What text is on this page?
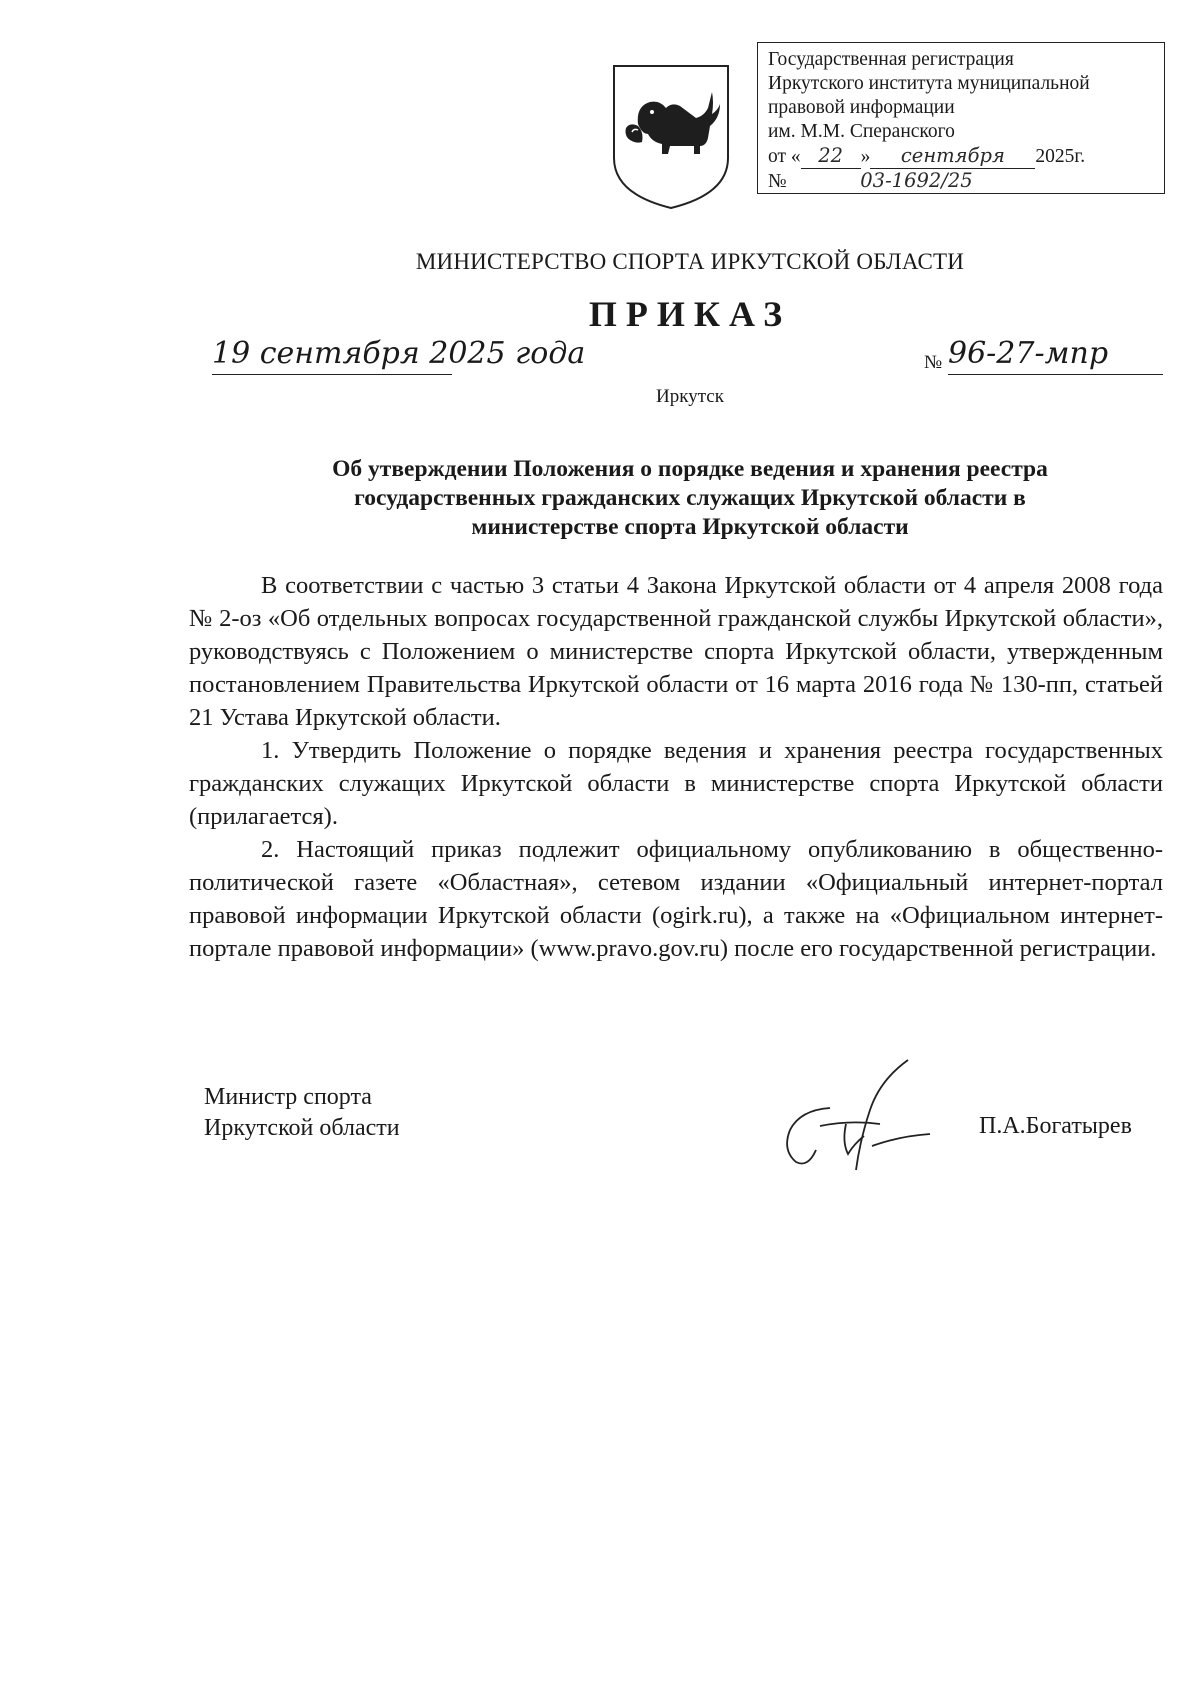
Государственная регистрация
Иркутского института муниципальной
правовой информации
им. М.М. Сперанского
от « 22 » сентября 2025г.
№	03-1692/25
МИНИСТЕРСТВО СПОРТА ИРКУТСКОЙ ОБЛАСТИ
ПРИКАЗ
19 сентября 2025 года	№ 96-27-мпр
Иркутск
Об утверждении Положения о порядке ведения и хранения реестра
государственных гражданских служащих Иркутской области в
министерстве спорта Иркутской области

В соответствии с частью 3 статьи 4 Закона Иркутской области от 4 апреля 2008 года № 2-оз «Об отдельных вопросах государственной гражданской службы Иркутской области», руководствуясь с Положением о министерстве спорта Иркутской области, утвержденным постановлением Правительства Иркутской области от 16 марта 2016 года № 130-пп, статьей 21 Устава Иркутской области.

1. Утвердить Положение о порядке ведения и хранения реестра государственных гражданских служащих Иркутской области в министерстве спорта Иркутской области (прилагается).

2. Настоящий приказ подлежит официальному опубликованию в общественно-политической газете «Областная», сетевом издании «Официальный интернет-портал правовой информации Иркутской области (ogirk.ru), а также на «Официальном интернет-портале правовой информации» (www.pravo.gov.ru) после его государственной регистрации.

Министр спорта
Иркутской области	П.А.Богатырев
